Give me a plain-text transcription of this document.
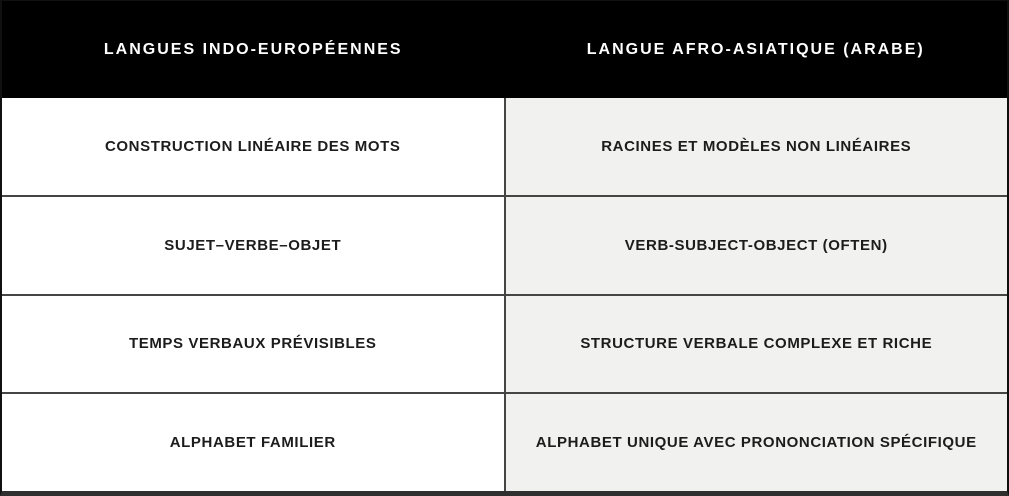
LANGUES INDO-EUROPÉENNES	LANGUE AFRO-ASIATIQUE (ARABE)
CONSTRUCTION LINÉAIRE DES MOTS	RACINES ET MODÈLES NON LINÉAIRES
SUJET–VERBE–OBJET	VERB-SUBJECT-OBJECT (OFTEN)
TEMPS VERBAUX PRÉVISIBLES	STRUCTURE VERBALE COMPLEXE ET RICHE
ALPHABET FAMILIER	ALPHABET UNIQUE AVEC PRONONCIATION SPÉCIFIQUE
